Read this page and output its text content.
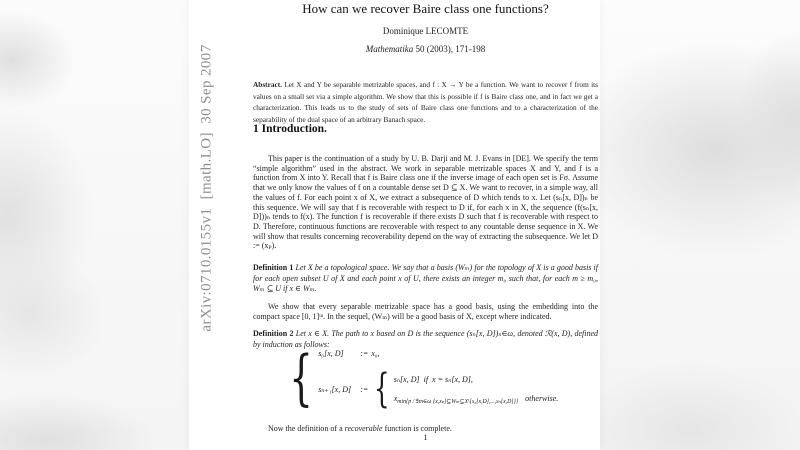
arXiv:0710.0155v1  [math.LO]  30 Sep 2007
How can we recover Baire class one functions?
Dominique LECOMTE
Mathematika 50 (2003), 171-198

Abstract. Let X and Y be separable metrizable spaces, and f : X → Y be a function. We want to recover f from its values on a small set via a simple algorithm. We show that this is possible if f is Baire class one, and in fact we get a characterization. This leads us to the study of sets of Baire class one functions and to a characterization of the separability of the dual space of an arbitrary Banach space.

1 Introduction.

This paper is the continuation of a study by U. B. Darji and M. J. Evans in [DE]. We specify the term “simple algorithm” used in the abstract. We work in separable metrizable spaces X and Y, and f is a function from X into Y. Recall that f is Baire class one if the inverse image of each open set is Fσ. Assume that we only know the values of f on a countable dense set D ⊆ X. We want to recover, in a simple way, all the values of f. For each point x of X, we extract a subsequence of D which tends to x. Let (sₙ[x, D])ₙ be this sequence. We will say that f is recoverable with respect to D if, for each x in X, the sequence (f(sₙ[x, D]))ₙ tends to f(x). The function f is recoverable if there exists D such that f is recoverable with respect to D. Therefore, continuous functions are recoverable with respect to any countable dense sequence in X. We will show that results concerning recoverability depend on the way of extracting the subsequence. We let D := (xₚ).

Definition 1 Let X be a topological space. We say that a basis (Wₘ) for the topology of X is a good basis if for each open subset U of X and each point x of U, there exists an integer m₀ such that, for each m ≥ m₀, Wₘ ⊆ U if x ∈ Wₘ.

We show that every separable metrizable space has a good basis, using the embedding into the compact space [0, 1]ᵚ. In the sequel, (Wₘ) will be a good basis of X, except where indicated.

Definition 2 Let x ∈ X. The path to x based on D is the sequence (sₙ[x, D])ₙ∈ω, denoted ℛ(x, D), defined by induction as follows:

{ s₀[x, D]	:= x₀,
sₙ₊₁[x, D]	:= { sₙ[x, D]  if  x = sₙ[x, D],
x min{p / ∃m∈ω {x,xₚ}⊆Wₘ⊆X\{s₀[x,D],...,sₙ[x,D]}} otherwise.

Now the definition of a recoverable function is complete.

1
